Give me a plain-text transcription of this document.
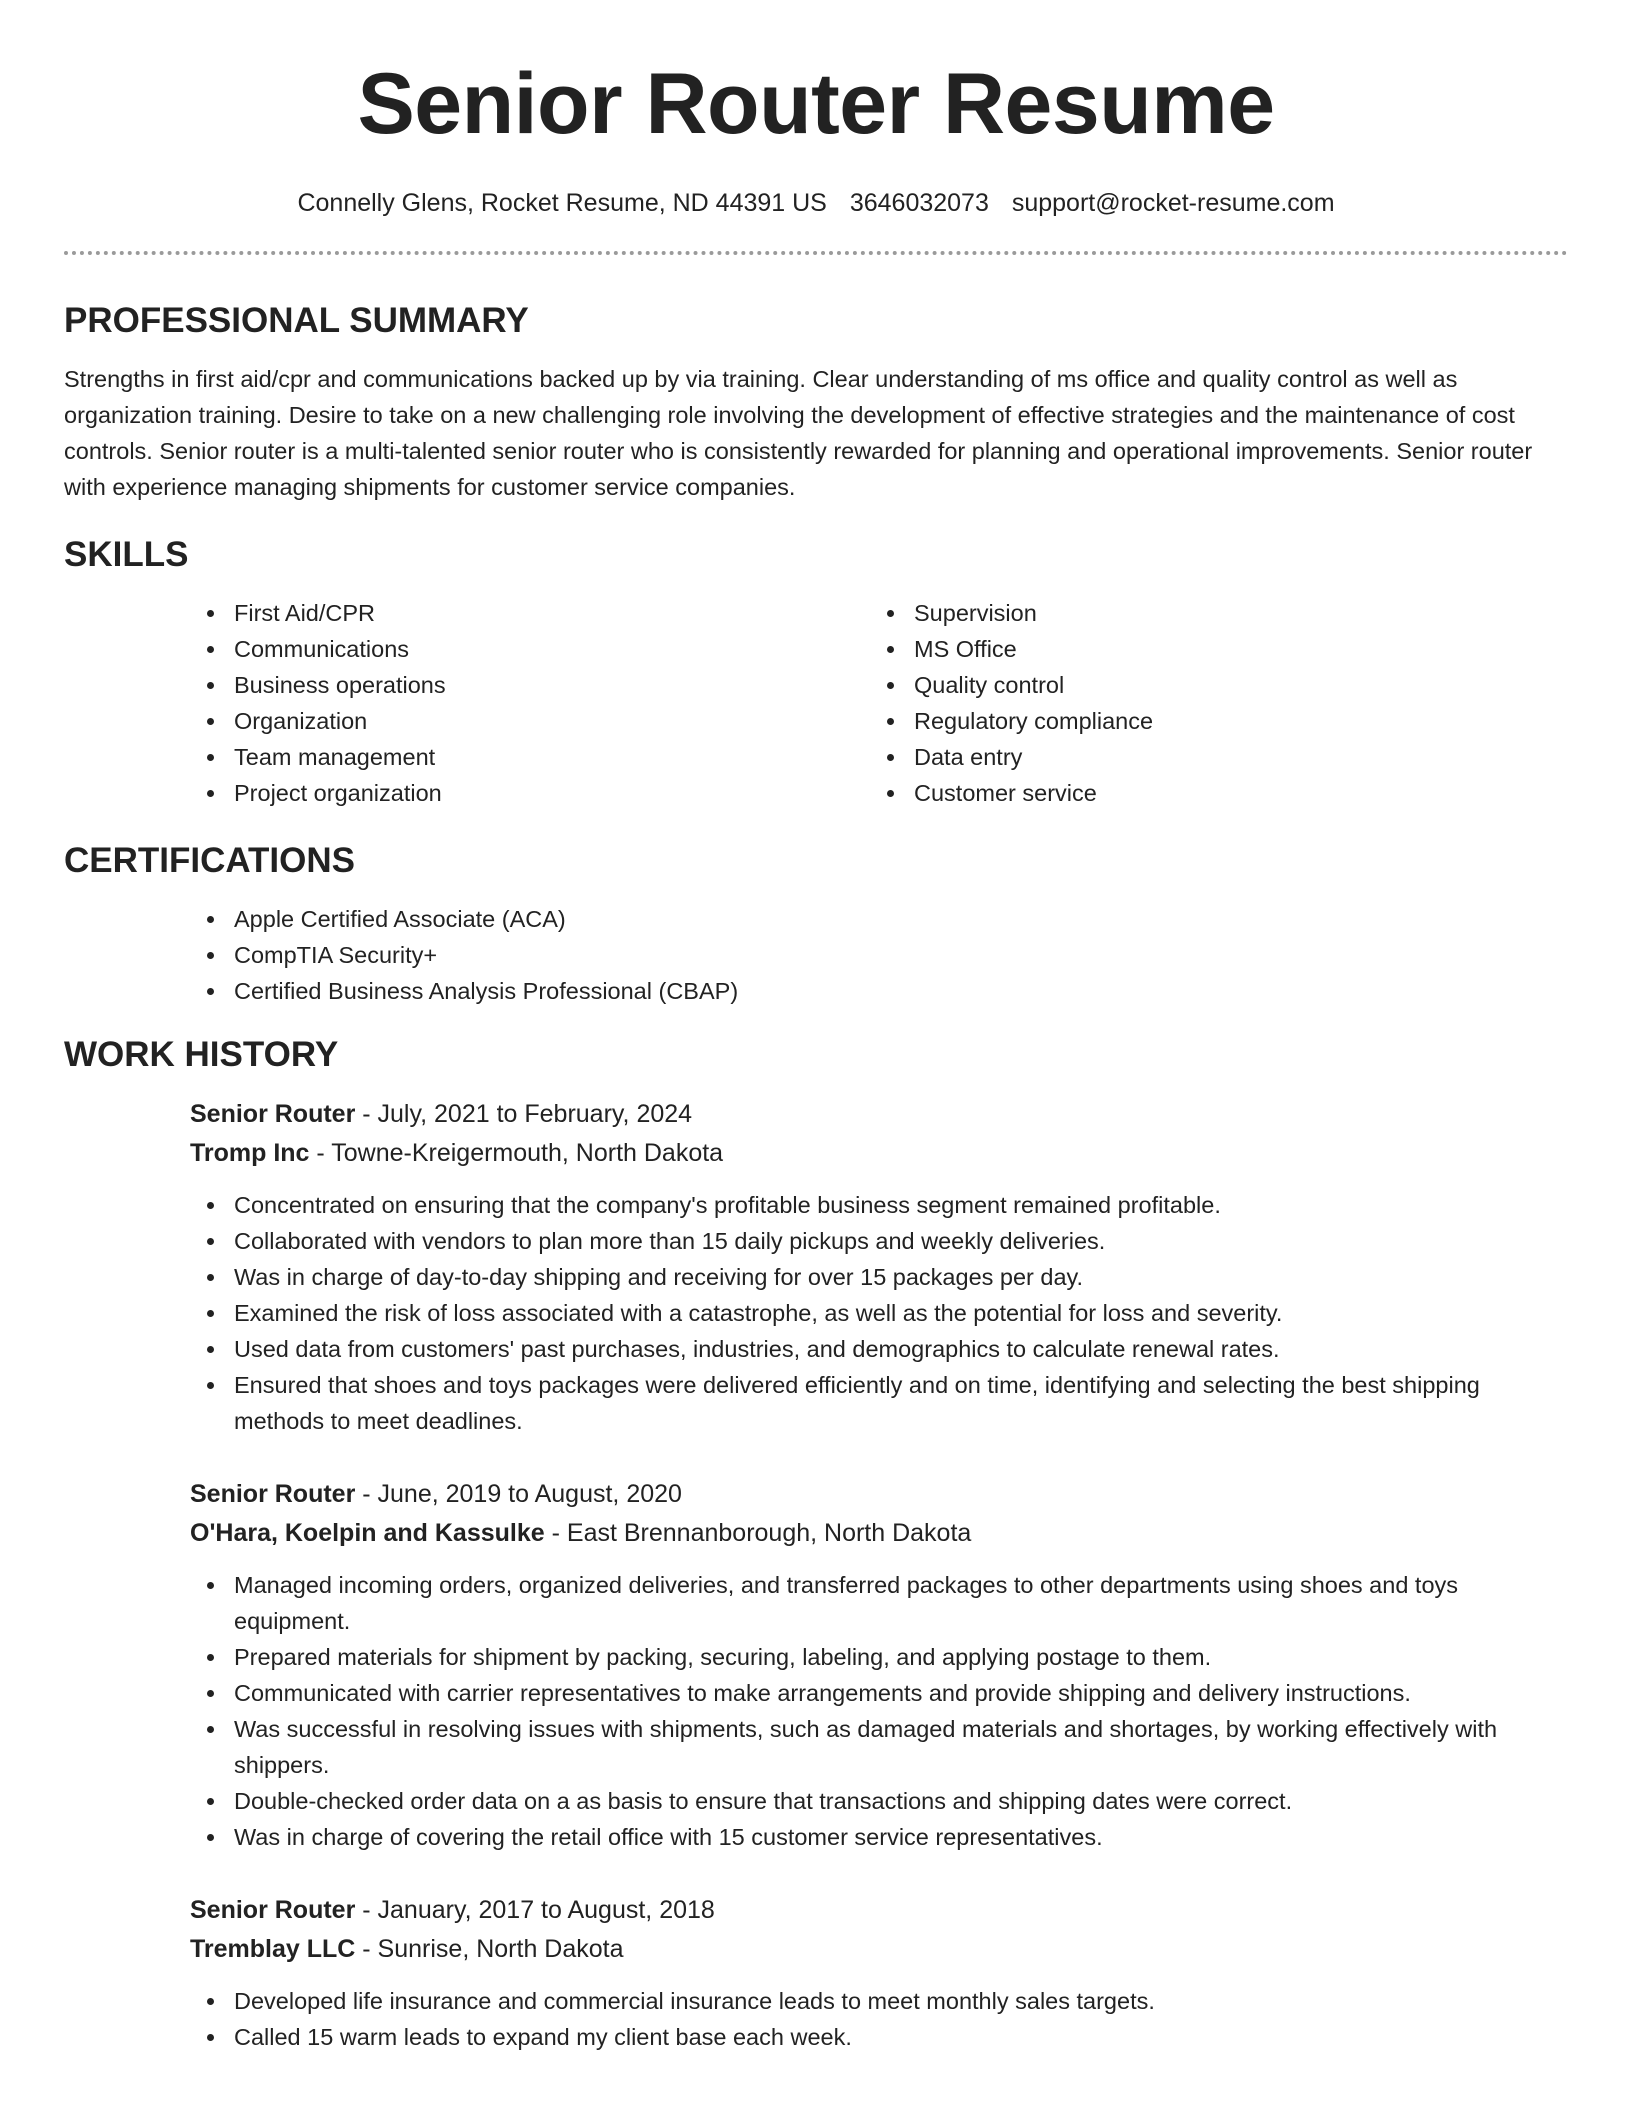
Senior Router Resume
Connelly Glens, Rocket Resume, ND 44391 US 3646032073 support@rocket-resume.com
PROFESSIONAL SUMMARY

Strengths in first aid/cpr and communications backed up by via training. Clear understanding of ms office and quality control as well as organization training. Desire to take on a new challenging role involving the development of effective strategies and the maintenance of cost controls. Senior router is a multi-talented senior router who is consistently rewarded for planning and operational improvements. Senior router with experience managing shipments for customer service companies.

SKILLS
First Aid/CPR
Communications
Business operations
Organization
Team management
Project organization
Supervision
MS Office
Quality control
Regulatory compliance
Data entry
Customer service
CERTIFICATIONS
Apple Certified Associate (ACA)
CompTIA Security+
Certified Business Analysis Professional (CBAP)
WORK HISTORY
Senior Router - July, 2021 to February, 2024
Tromp Inc - Towne-Kreigermouth, North Dakota
Concentrated on ensuring that the company's profitable business segment remained profitable.
Collaborated with vendors to plan more than 15 daily pickups and weekly deliveries.
Was in charge of day-to-day shipping and receiving for over 15 packages per day.
Examined the risk of loss associated with a catastrophe, as well as the potential for loss and severity.
Used data from customers' past purchases, industries, and demographics to calculate renewal rates.
Ensured that shoes and toys packages were delivered efficiently and on time, identifying and selecting the best shipping methods to meet deadlines.
Senior Router - June, 2019 to August, 2020
O'Hara, Koelpin and Kassulke - East Brennanborough, North Dakota
Managed incoming orders, organized deliveries, and transferred packages to other departments using shoes and toys equipment.
Prepared materials for shipment by packing, securing, labeling, and applying postage to them.
Communicated with carrier representatives to make arrangements and provide shipping and delivery instructions.
Was successful in resolving issues with shipments, such as damaged materials and shortages, by working effectively with shippers.
Double-checked order data on a as basis to ensure that transactions and shipping dates were correct.
Was in charge of covering the retail office with 15 customer service representatives.
Senior Router - January, 2017 to August, 2018
Tremblay LLC - Sunrise, North Dakota
Developed life insurance and commercial insurance leads to meet monthly sales targets.
Called 15 warm leads to expand my client base each week.
